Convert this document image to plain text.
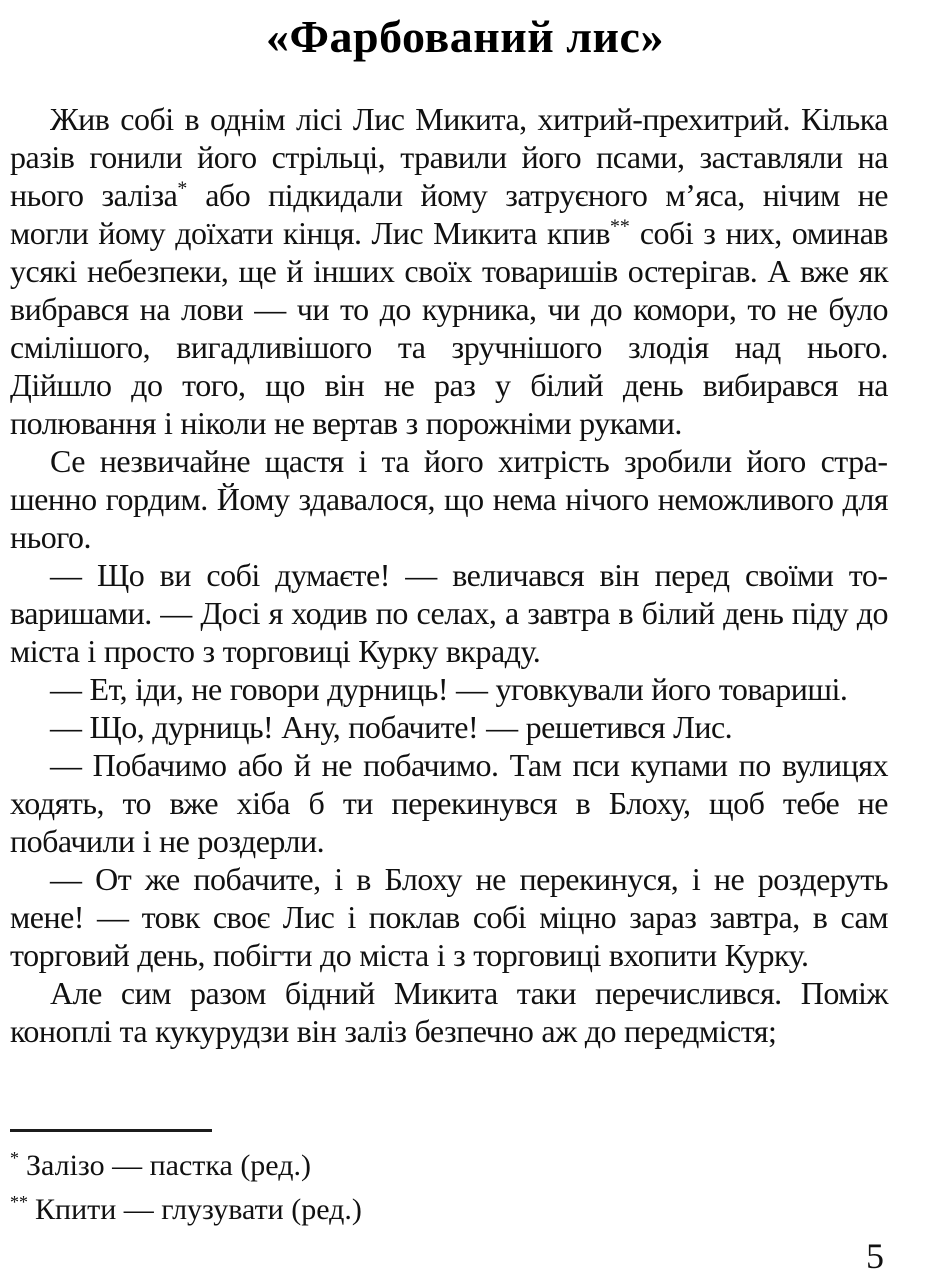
«Фарбований лис»

Жив собі в однім лісі Лис Микита, хитрий-прехитрий. Кілька разів гонили його стрільці, травили його псами, заставляли на нього заліза* або підкидали йому затруєного м’яса, нічим не могли йому доїхати кінця. Лис Микита кпив** собі з них, оминав усякі небезпеки, ще й інших своїх товаришів остерігав. А вже як вибрався на лови — чи то до курника, чи до комори, то не було смілішого, вигадливішого та зручнішого злодія над нього. Дійшло до того, що він не раз у білий день вибирався на полювання і ніколи не вертав з порожніми руками.

Се незвичайне щастя і та його хитрість зробили його страшенно гордим. Йому здавалося, що нема нічого неможливого для нього.

— Що ви собі думаєте! — величався він перед своїми товаришами. — Досі я ходив по селах, а завтра в білий день піду до міста і просто з торговиці Курку вкраду.

— Ет, іди, не говори дурниць! — уговкували його товариші.

— Що, дурниць! Ану, побачите! — решетився Лис.

— Побачимо або й не побачимо. Там пси купами по вулицях ходять, то вже хіба б ти перекинувся в Блоху, щоб тебе не побачили і не роздерли.

— От же побачите, і в Блоху не перекинуся, і не роздеруть мене! — товк своє Лис і поклав собі міцно зараз завтра, в сам торговий день, побігти до міста і з торговиці вхопити Курку.

Але сим разом бідний Микита таки перечислився. Поміж коноплі та кукурудзи він заліз безпечно аж до передмістя;

* Залізо — пастка (ред.)
** Кпити — глузувати (ред.)
5
